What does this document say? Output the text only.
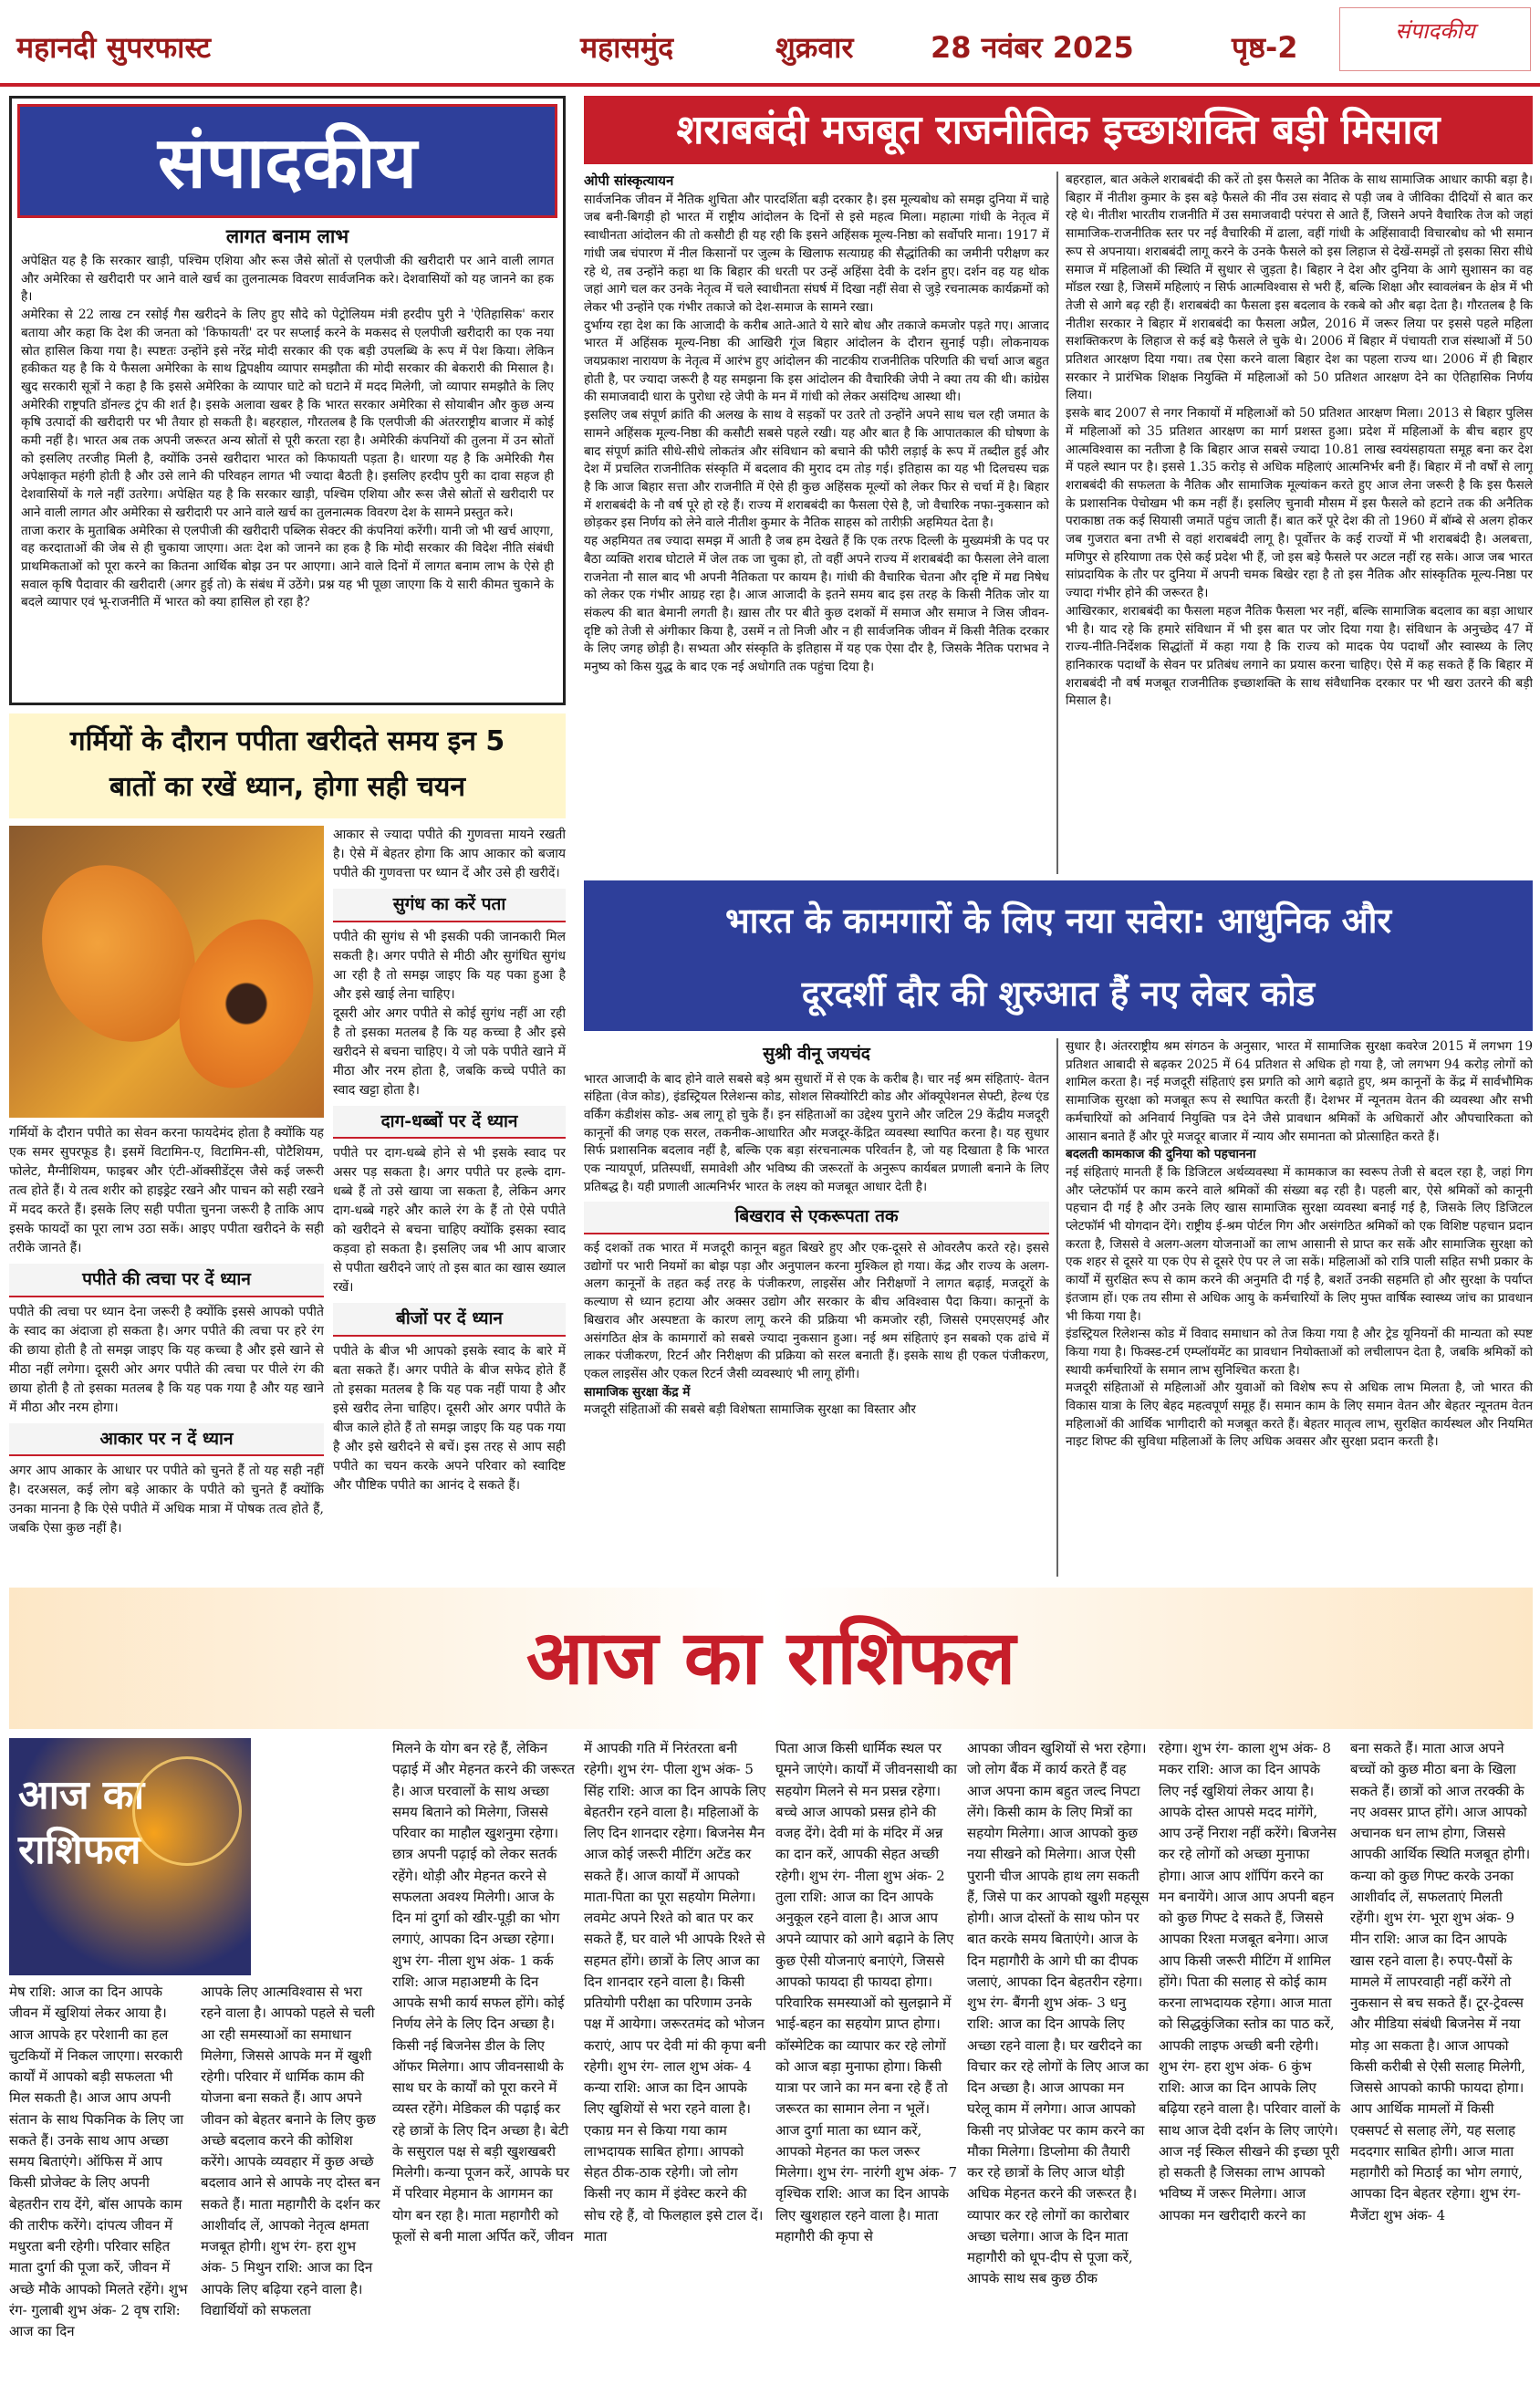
महानदी सुपरफास्ट	महासमुंद	शुक्रवार	28 नवंबर 2025	पृष्ठ-2	संपादकीय
संपादकीय
लागत बनाम लाभ

अपेक्षित यह है कि सरकार खाड़ी, पश्चिम एशिया और रूस जैसे स्रोतों से एलपीजी की खरीदारी पर आने वाली लागत और अमेरिका से खरीदारी पर आने वाले खर्च का तुलनात्मक विवरण सार्वजनिक करे। देशवासियों को यह जानने का हक है।

अमेरिका से 22 लाख टन रसोई गैस खरीदने के लिए हुए सौदे को पेट्रोलियम मंत्री हरदीप पुरी ने 'ऐतिहासिक' करार बताया और कहा कि देश की जनता को 'किफायती' दर पर सप्लाई करने के मकसद से एलपीजी खरीदारी का एक नया स्रोत हासिल किया गया है। स्पष्टतः उन्होंने इसे नरेंद्र मोदी सरकार की एक बड़ी उपलब्धि के रूप में पेश किया। लेकिन हकीकत यह है कि ये फैसला अमेरिका के साथ द्विपक्षीय व्यापार समझौता की मोदी सरकार की बेकरारी की मिसाल है। खुद सरकारी सूत्रों ने कहा है कि इससे अमेरिका के व्यापार घाटे को घटाने में मदद मिलेगी, जो व्यापार समझौते के लिए अमेरिकी राष्ट्रपति डॉनल्ड ट्रंप की शर्त है। इसके अलावा खबर है कि भारत सरकार अमेरिका से सोयाबीन और कुछ अन्य कृषि उत्पादों की खरीदारी पर भी तैयार हो सकती है। बहरहाल, गौरतलब है कि एलपीजी की अंतरराष्ट्रीय बाजार में कोई कमी नहीं है। भारत अब तक अपनी जरूरत अन्य स्रोतों से पूरी करता रहा है। अमेरिकी कंपनियों की तुलना में उन स्रोतों को इसलिए तरजीह मिली है, क्योंकि उनसे खरीदारा भारत को किफायती पड़ता है। धारणा यह है कि अमेरिकी गैस अपेक्षाकृत महंगी होती है और उसे लाने की परिवहन लागत भी ज्यादा बैठती है। इसलिए हरदीप पुरी का दावा सहज ही देशवासियों के गले नहीं उतरेगा। अपेक्षित यह है कि सरकार खाड़ी, पश्चिम एशिया और रूस जैसे स्रोतों से खरीदारी पर आने वाली लागत और अमेरिका से खरीदारी पर आने वाले खर्च का तुलनात्मक विवरण देश के सामने प्रस्तुत करे।

ताजा करार के मुताबिक अमेरिका से एलपीजी की खरीदारी पब्लिक सेक्टर की कंपनियां करेंगी। यानी जो भी खर्च आएगा, वह करदाताओं की जेब से ही चुकाया जाएगा। अतः देश को जानने का हक है कि मोदी सरकार की विदेश नीति संबंधी प्राथमिकताओं को पूरा करने का कितना आर्थिक बोझ उन पर आएगा। आने वाले दिनों में लागत बनाम लाभ के ऐसे ही सवाल कृषि पैदावार की खरीदारी (अगर हुई तो) के संबंध में उठेंगे। प्रश्न यह भी पूछा जाएगा कि ये सारी कीमत चुकाने के बदले व्यापार एवं भू-राजनीति में भारत को क्या हासिल हो रहा है?

शराबबंदी मजबूत राजनीतिक इच्छाशक्ति बड़ी मिसाल
ओपी सांस्कृत्यायन

सार्वजनिक जीवन में नैतिक शुचिता और पारदर्शिता बड़ी दरकार है। इस मूल्यबोध को समझ दुनिया में चाहे जब बनी-बिगड़ी हो भारत में राष्ट्रीय आंदोलन के दिनों से इसे महत्व मिला। महात्मा गांधी के नेतृत्व में स्वाधीनता आंदोलन की तो कसौटी ही यह रही कि इसने अहिंसक मूल्य-निष्ठा को सर्वोपरि माना। 1917 में गांधी जब चंपारण में नील किसानों पर जुल्म के खिलाफ सत्याग्रह की सैद्धांतिकी का जमीनी परीक्षण कर रहे थे, तब उन्होंने कहा था कि बिहार की धरती पर उन्हें अहिंसा देवी के दर्शन हुए। दर्शन वह यह थोक जहां आगे चल कर उनके नेतृत्व में चले स्वाधीनता संघर्ष में दिखा नहीं सेवा से जुड़े रचनात्मक कार्यक्रमों को लेकर भी उन्होंने एक गंभीर तकाजे को देश-समाज के सामने रखा।

दुर्भाग्य रहा देश का कि आजादी के करीब आते-आते ये सारे बोध और तकाजे कमजोर पड़ते गए। आजाद भारत में अहिंसक मूल्य-निष्ठा की आखिरी गूंज बिहार आंदोलन के दौरान सुनाई पड़ी। लोकनायक जयप्रकाश नारायण के नेतृत्व में आरंभ हुए आंदोलन की नाटकीय राजनीतिक परिणति की चर्चा आज बहुत होती है, पर ज्यादा जरूरी है यह समझना कि इस आंदोलन की वैचारिकी जेपी ने क्या तय की थी। कांग्रेस की समाजवादी धारा के पुरोधा रहे जेपी के मन में गांधी को लेकर असंदिग्ध आस्था थी।

इसलिए जब संपूर्ण क्रांति की अलख के साथ वे सड़कों पर उतरे तो उन्होंने अपने साथ चल रही जमात के सामने अहिंसक मूल्य-निष्ठा की कसौटी सबसे पहले रखी। यह और बात है कि आपातकाल की घोषणा के बाद संपूर्ण क्रांति सीधे-सीधे लोकतंत्र और संविधान को बचाने की फौरी लड़ाई के रूप में तब्दील हुई और देश में प्रचलित राजनीतिक संस्कृति में बदलाव की मुराद दम तोड़ गई। इतिहास का यह भी दिलचस्प चक्र है कि आज बिहार सत्ता और राजनीति में ऐसे ही कुछ अहिंसक मूल्यों को लेकर फिर से चर्चा में है। बिहार में शराबबंदी के नौ वर्ष पूरे हो रहे हैं। राज्य में शराबबंदी का फैसला ऐसे है, जो वैचारिक नफा-नुकसान को छोड़कर इस निर्णय को लेने वाले नीतीश कुमार के नैतिक साहस को तारीफ़ी अहमियत देता है।

यह अहमियत तब ज्यादा समझ में आती है जब हम देखते हैं कि एक तरफ दिल्ली के मुख्यमंत्री के पद पर बैठा व्यक्ति शराब घोटाले में जेल तक जा चुका हो, तो वहीं अपने राज्य में शराबबंदी का फैसला लेने वाला राजनेता नौ साल बाद भी अपनी नैतिकता पर कायम है। गांधी की वैचारिक चेतना और दृष्टि में मद्य निषेध को लेकर एक गंभीर आग्रह रहा है। आज आजादी के इतने समय बाद इस तरह के किसी नैतिक जोर या संकल्प की बात बेमानी लगती है। ख़ास तौर पर बीते कुछ दशकों में समाज और समाज ने जिस जीवन-दृष्टि को तेजी से अंगीकार किया है, उसमें न तो निजी और न ही सार्वजनिक जीवन में किसी नैतिक दरकार के लिए जगह छोड़ी है। सभ्यता और संस्कृति के इतिहास में यह एक ऐसा दौर है, जिसके नैतिक पराभव ने मनुष्य को किस युद्ध के बाद एक नई अधोगति तक पहुंचा दिया है।

बहरहाल, बात अकेले शराबबंदी की करें तो इस फैसले का नैतिक के साथ सामाजिक आधार काफी बड़ा है। बिहार में नीतीश कुमार के इस बड़े फैसले की नींव उस संवाद से पड़ी जब वे जीविका दीदियों से बात कर रहे थे। नीतीश भारतीय राजनीति में उस समाजवादी परंपरा से आते हैं, जिसने अपने वैचारिक तेज को जहां सामाजिक-राजनीतिक स्तर पर नई वैचारिकी में ढाला, वहीं गांधी के अहिंसावादी विचारबोध को भी समान रूप से अपनाया। शराबबंदी लागू करने के उनके फैसले को इस लिहाज से देखें-समझें तो इसका सिरा सीधे समाज में महिलाओं की स्थिति में सुधार से जुड़ता है। बिहार ने देश और दुनिया के आगे सुशासन का वह मॉडल रखा है, जिसमें महिलाएं न सिर्फ आत्मविश्वास से भरी हैं, बल्कि शिक्षा और स्वावलंबन के क्षेत्र में भी तेजी से आगे बढ़ रही हैं। शराबबंदी का फैसला इस बदलाव के रकबे को और बढ़ा देता है। गौरतलब है कि नीतीश सरकार ने बिहार में शराबबंदी का फैसला अप्रैल, 2016 में जरूर लिया पर इससे पहले महिला सशक्तिकरण के लिहाज से कई बड़े फैसले ले चुके थे। 2006 में बिहार में पंचायती राज संस्थाओं में 50 प्रतिशत आरक्षण दिया गया। तब ऐसा करने वाला बिहार देश का पहला राज्य था। 2006 में ही बिहार सरकार ने प्रारंभिक शिक्षक नियुक्ति में महिलाओं को 50 प्रतिशत आरक्षण देने का ऐतिहासिक निर्णय लिया।

इसके बाद 2007 से नगर निकायों में महिलाओं को 50 प्रतिशत आरक्षण मिला। 2013 से बिहार पुलिस में महिलाओं को 35 प्रतिशत आरक्षण का मार्ग प्रशस्त हुआ। प्रदेश में महिलाओं के बीच बहार हुए आत्मविश्वास का नतीजा है कि बिहार आज सबसे ज्यादा 10.81 लाख स्वयंसहायता समूह बना कर देश में पहले स्थान पर है। इससे 1.35 करोड़ से अधिक महिलाएं आत्मनिर्भर बनी हैं। बिहार में नौ वर्षों से लागू शराबबंदी की सफलता के नैतिक और सामाजिक मूल्यांकन करते हुए आज लेना जरूरी है कि इस फैसले के प्रशासनिक पेचोखम भी कम नहीं हैं। इसलिए चुनावी मौसम में इस फैसले को हटाने तक की अनैतिक पराकाष्ठा तक कई सियासी जमातें पहुंच जाती हैं। बात करें पूरे देश की तो 1960 में बॉम्बे से अलग होकर जब गुजरात बना तभी से वहां शराबबंदी लागू है। पूर्वोत्तर के कई राज्यों में भी शराबबंदी है। अलबत्ता, मणिपुर से हरियाणा तक ऐसे कई प्रदेश भी हैं, जो इस बड़े फैसले पर अटल नहीं रह सके। आज जब भारत सांप्रदायिक के तौर पर दुनिया में अपनी चमक बिखेर रहा है तो इस नैतिक और सांस्कृतिक मूल्य-निष्ठा पर ज्यादा गंभीर होने की जरूरत है।

आखिरकार, शराबबंदी का फैसला महज नैतिक फैसला भर नहीं, बल्कि सामाजिक बदलाव का बड़ा आधार भी है। याद रहे कि हमारे संविधान में भी इस बात पर जोर दिया गया है। संविधान के अनुच्छेद 47 में राज्य-नीति-निर्देशक सिद्धांतों में कहा गया है कि राज्य को मादक पेय पदार्थों और स्वास्थ्य के लिए हानिकारक पदार्थों के सेवन पर प्रतिबंध लगाने का प्रयास करना चाहिए। ऐसे में कह सकते हैं कि बिहार में शराबबंदी नौ वर्ष मजबूत राजनीतिक इच्छाशक्ति के साथ संवैधानिक दरकार पर भी खरा उतरने की बड़ी मिसाल है।

गर्मियों के दौरान पपीता खरीदते समय इन 5
बातों का रखें ध्यान, होगा सही चयन

आकार से ज्यादा पपीते की गुणवत्ता मायने रखती है। ऐसे में बेहतर होगा कि आप आकार को बजाय पपीते की गुणवत्ता पर ध्यान दें और उसे ही खरीदें।

सुगंध का करें पता

पपीते की सुगंध से भी इसकी पकी जानकारी मिल सकती है। अगर पपीते से मीठी और सुगंधित सुगंध आ रही है तो समझ जाइए कि यह पका हुआ है और इसे खाई लेना चाहिए।

दूसरी ओर अगर पपीते से कोई सुगंध नहीं आ रही है तो इसका मतलब है कि यह कच्चा है और इसे खरीदने से बचना चाहिए। ये जो पके पपीते खाने में मीठा और नरम होता है, जबकि कच्चे पपीते का स्वाद खट्टा होता है।

दाग-धब्बों पर दें ध्यान

पपीते पर दाग-धब्बे होने से भी इसके स्वाद पर असर पड़ सकता है। अगर पपीते पर हल्के दाग-धब्बे हैं तो उसे खाया जा सकता है, लेकिन अगर दाग-धब्बे गहरे और काले रंग के हैं तो ऐसे पपीते को खरीदने से बचना चाहिए क्योंकि इसका स्वाद कड़वा हो सकता है। इसलिए जब भी आप बाजार से पपीता खरीदने जाएं तो इस बात का खास ख्याल रखें।

बीजों पर दें ध्यान

पपीते के बीज भी आपको इसके स्वाद के बारे में बता सकते हैं। अगर पपीते के बीज सफेद होते हैं तो इसका मतलब है कि यह पक नहीं पाया है और इसे खरीद लेना चाहिए। दूसरी ओर अगर पपीते के बीज काले होते हैं तो समझ जाइए कि यह पक गया है और इसे खरीदने से बचें। इस तरह से आप सही पपीते का चयन करके अपने परिवार को स्वादिष्ट और पौष्टिक पपीते का आनंद दे सकते हैं।

गर्मियों के दौरान पपीते का सेवन करना फायदेमंद होता है क्योंकि यह एक समर सुपरफूड है। इसमें विटामिन-ए, विटामिन-सी, पोटैशियम, फोलेट, मैग्नीशियम, फाइबर और एंटी-ऑक्सीडेंट्स जैसे कई जरूरी तत्व होते हैं। ये तत्व शरीर को हाइड्रेट रखने और पाचन को सही रखने में मदद करते हैं। इसके लिए सही पपीता चुनना जरूरी है ताकि आप इसके फायदों का पूरा लाभ उठा सकें। आइए पपीता खरीदने के सही तरीके जानते हैं।

पपीते की त्वचा पर दें ध्यान

पपीते की त्वचा पर ध्यान देना जरूरी है क्योंकि इससे आपको पपीते के स्वाद का अंदाजा हो सकता है। अगर पपीते की त्वचा पर हरे रंग की छाया होती है तो समझ जाइए कि यह कच्चा है और इसे खाने से मीठा नहीं लगेगा। दूसरी ओर अगर पपीते की त्वचा पर पीले रंग की छाया होती है तो इसका मतलब है कि यह पक गया है और यह खाने में मीठा और नरम होगा।

आकार पर न दें ध्यान

अगर आप आकार के आधार पर पपीते को चुनते हैं तो यह सही नहीं है। दरअसल, कई लोग बड़े आकार के पपीते को चुनते हैं क्योंकि उनका मानना है कि ऐसे पपीते में अधिक मात्रा में पोषक तत्व होते हैं, जबकि ऐसा कुछ नहीं है।

भारत के कामगारों के लिए नया सवेरा: आधुनिक और
दूरदर्शी दौर की शुरुआत हैं नए लेबर कोड
सुश्री वीनू जयचंद

भारत आजादी के बाद होने वाले सबसे बड़े श्रम सुधारों में से एक के करीब है। चार नई श्रम संहिताएं- वेतन संहिता (वेज कोड), इंडस्ट्रियल रिलेशन्स कोड, सोशल सिक्योरिटी कोड और ऑक्यूपेशनल सेफ्टी, हेल्थ एंड वर्किंग कंडीशंस कोड- अब लागू हो चुके हैं। इन संहिताओं का उद्देश्य पुराने और जटिल 29 केंद्रीय मजदूरी कानूनों की जगह एक सरल, तकनीक-आधारित और मजदूर-केंद्रित व्यवस्था स्थापित करना है। यह सुधार सिर्फ प्रशासनिक बदलाव नहीं है, बल्कि एक बड़ा संरचनात्मक परिवर्तन है, जो यह दिखाता है कि भारत एक न्यायपूर्ण, प्रतिस्पर्धी, समावेशी और भविष्य की जरूरतों के अनुरूप कार्यबल प्रणाली बनाने के लिए प्रतिबद्ध है। यही प्रणाली आत्मनिर्भर भारत के लक्ष्य को मजबूत आधार देती है।

बिखराव से एकरूपता तक

कई दशकों तक भारत में मजदूरी कानून बहुत बिखरे हुए और एक-दूसरे से ओवरलैप करते रहे। इससे उद्योगों पर भारी नियमों का बोझ पड़ा और अनुपालन करना मुश्किल हो गया। केंद्र और राज्य के अलग-अलग कानूनों के तहत कई तरह के पंजीकरण, लाइसेंस और निरीक्षणों ने लागत बढ़ाई, मजदूरों के कल्याण से ध्यान हटाया और अक्सर उद्योग और सरकार के बीच अविश्वास पैदा किया। कानूनों के बिखराव और अस्पष्टता के कारण लागू करने की प्रक्रिया भी कमजोर रही, जिससे एमएसएमई और असंगठित क्षेत्र के कामगारों को सबसे ज्यादा नुकसान हुआ। नई श्रम संहिताएं इन सबको एक ढांचे में लाकर पंजीकरण, रिटर्न और निरीक्षण की प्रक्रिया को सरल बनाती हैं। इसके साथ ही एकल पंजीकरण, एकल लाइसेंस और एकल रिटर्न जैसी व्यवस्थाएं भी लागू होंगी।

सामाजिक सुरक्षा केंद्र में

मजदूरी संहिताओं की सबसे बड़ी विशेषता सामाजिक सुरक्षा का विस्तार और

सुधार है। अंतरराष्ट्रीय श्रम संगठन के अनुसार, भारत में सामाजिक सुरक्षा कवरेज 2015 में लगभग 19 प्रतिशत आबादी से बढ़कर 2025 में 64 प्रतिशत से अधिक हो गया है, जो लगभग 94 करोड़ लोगों को शामिल करता है। नई मजदूरी संहिताएं इस प्रगति को आगे बढ़ाते हुए, श्रम कानूनों के केंद्र में सार्वभौमिक सामाजिक सुरक्षा को मजबूत रूप से स्थापित करती हैं। देशभर में न्यूनतम वेतन की व्यवस्था और सभी कर्मचारियों को अनिवार्य नियुक्ति पत्र देने जैसे प्रावधान श्रमिकों के अधिकारों और औपचारिकता को आसान बनाते हैं और पूरे मजदूर बाजार में न्याय और समानता को प्रोत्साहित करते हैं।

बदलती कामकाज की दुनिया को पहचानना

नई संहिताएं मानती हैं कि डिजिटल अर्थव्यवस्था में कामकाज का स्वरूप तेजी से बदल रहा है, जहां गिग और प्लेटफॉर्म पर काम करने वाले श्रमिकों की संख्या बढ़ रही है। पहली बार, ऐसे श्रमिकों को कानूनी पहचान दी गई है और उनके लिए खास सामाजिक सुरक्षा व्यवस्था बनाई गई है, जिसके लिए डिजिटल प्लेटफॉर्म भी योगदान देंगे। राष्ट्रीय ई-श्रम पोर्टल गिग और असंगठित श्रमिकों को एक विशिष्ट पहचान प्रदान करता है, जिससे वे अलग-अलग योजनाओं का लाभ आसानी से प्राप्त कर सकें और सामाजिक सुरक्षा को एक शहर से दूसरे या एक ऐप से दूसरे ऐप पर ले जा सकें। महिलाओं को रात्रि पाली सहित सभी प्रकार के कार्यों में सुरक्षित रूप से काम करने की अनुमति दी गई है, बशर्ते उनकी सहमति हो और सुरक्षा के पर्याप्त इंतजाम हों। एक तय सीमा से अधिक आयु के कर्मचारियों के लिए मुफ्त वार्षिक स्वास्थ्य जांच का प्रावधान भी किया गया है।

इंडस्ट्रियल रिलेशन्स कोड में विवाद समाधान को तेज किया गया है और ट्रेड यूनियनों की मान्यता को स्पष्ट किया गया है। फिक्स्ड-टर्म एम्प्लॉयमेंट का प्रावधान नियोक्ताओं को लचीलापन देता है, जबकि श्रमिकों को स्थायी कर्मचारियों के समान लाभ सुनिश्चित करता है।

मजदूरी संहिताओं से महिलाओं और युवाओं को विशेष रूप से अधिक लाभ मिलता है, जो भारत की विकास यात्रा के लिए बेहद महत्वपूर्ण समूह हैं। समान काम के लिए समान वेतन और बेहतर न्यूनतम वेतन महिलाओं की आर्थिक भागीदारी को मजबूत करते हैं। बेहतर मातृत्व लाभ, सुरक्षित कार्यस्थल और नियमित नाइट शिफ्ट की सुविधा महिलाओं के लिए अधिक अवसर और सुरक्षा प्रदान करती है।

आज का राशिफल
आज का
राशिफल
मेष राशि: आज का दिन आपके जीवन में खुशियां लेकर आया है। आज आपके हर परेशानी का हल चुटकियों में निकल जाएगा। सरकारी कार्यों में आपको बड़ी सफलता भी मिल सकती है। आज आप अपनी संतान के साथ पिकनिक के लिए जा सकते हैं। उनके साथ आप अच्छा समय बिताएंगे। ऑफिस में आप किसी प्रोजेक्ट के लिए अपनी बेहतरीन राय देंगे, बॉस आपके काम की तारीफ करेंगे। दांपत्य जीवन में मधुरता बनी रहेगी। परिवार सहित माता दुर्गा की पूजा करें, जीवन में अच्छे मौके आपको मिलते रहेंगे। शुभ रंग- गुलाबी शुभ अंक- 2 वृष राशि: आज का दिन
आपके लिए आत्मविश्वास से भरा रहने वाला है। आपको पहले से चली आ रही समस्याओं का समाधान मिलेगा, जिससे आपके मन में खुशी रहेगी। परिवार में धार्मिक काम की योजना बना सकते हैं। आप अपने जीवन को बेहतर बनाने के लिए कुछ अच्छे बदलाव करने की कोशिश करेंगे। आपके व्यवहार में कुछ अच्छे बदलाव आने से आपके नए दोस्त बन सकते हैं। माता महागौरी के दर्शन कर आशीर्वाद लें, आपको नेतृत्व क्षमता मजबूत होगी। शुभ रंग- हरा शुभ अंक- 5 मिथुन राशि: आज का दिन आपके लिए बढ़िया रहने वाला है। विद्यार्थियों को सफलता
मिलने के योग बन रहे हैं, लेकिन पढ़ाई में और मेहनत करने की जरूरत है। आज घरवालों के साथ अच्छा समय बिताने को मिलेगा, जिससे परिवार का माहौल खुशनुमा रहेगा। छात्र अपनी पढ़ाई को लेकर सतर्क रहेंगे। थोड़ी और मेहनत करने से सफलता अवश्य मिलेगी। आज के दिन मां दुर्गा को खीर-पूड़ी का भोग लगाएं, आपका दिन अच्छा रहेगा। शुभ रंग- नीला शुभ अंक- 1 कर्क राशि: आज महाअष्टमी के दिन आपके सभी कार्य सफल होंगे। कोई निर्णय लेने के लिए दिन अच्छा है। किसी नई बिजनेस डील के लिए ऑफर मिलेगा। आप जीवनसाथी के साथ घर के कार्यों को पूरा करने में व्यस्त रहेंगे। मेडिकल की पढ़ाई कर रहे छात्रों के लिए दिन अच्छा है। बेटी के ससुराल पक्ष से बड़ी खुशखबरी मिलेगी। कन्या पूजन करें, आपके घर में परिवार मेहमान के आगमन का योग बन रहा है। माता महागौरी को फूलों से बनी माला अर्पित करें, जीवन
में आपकी गति में निरंतरता बनी रहेगी। शुभ रंग- पीला शुभ अंक- 5 सिंह राशि: आज का दिन आपके लिए बेहतरीन रहने वाला है। महिलाओं के लिए दिन शानदार रहेगा। बिजनेस मैन आज कोई जरूरी मीटिंग अटेंड कर सकते हैं। आज कार्यों में आपको माता-पिता का पूरा सहयोग मिलेगा। लवमेट अपने रिश्ते को बात पर कर सकते हैं, घर वाले भी आपके रिश्ते से सहमत होंगे। छात्रों के लिए आज का दिन शानदार रहने वाला है। किसी प्रतियोगी परीक्षा का परिणाम उनके पक्ष में आयेगा। जरूरतमंद को भोजन कराएं, आप पर देवी मां की कृपा बनी रहेगी। शुभ रंग- लाल शुभ अंक- 4 कन्या राशि: आज का दिन आपके लिए खुशियों से भरा रहने वाला है। एकाग्र मन से किया गया काम लाभदायक साबित होगा। आपको सेहत ठीक-ठाक रहेगी। जो लोग किसी नए काम में इंवेस्ट करने की सोच रहे हैं, वो फिलहाल इसे टाल दें। माता
पिता आज किसी धार्मिक स्थल पर घूमने जाएंगे। कार्यों में जीवनसाथी का सहयोग मिलने से मन प्रसन्न रहेगा। बच्चे आज आपको प्रसन्न होने की वजह देंगे। देवी मां के मंदिर में अन्न का दान करें, आपकी सेहत अच्छी रहेगी। शुभ रंग- नीला शुभ अंक- 2 तुला राशि: आज का दिन आपके अनुकूल रहने वाला है। आज आप अपने व्यापार को आगे बढ़ाने के लिए कुछ ऐसी योजनाएं बनाएंगे, जिससे आपको फायदा ही फायदा होगा। परिवारिक समस्याओं को सुलझाने में भाई-बहन का सहयोग प्राप्त होगा। कॉस्मेटिक का व्यापार कर रहे लोगों को आज बड़ा मुनाफा होगा। किसी यात्रा पर जाने का मन बना रहे हैं तो जरूरत का सामान लेना न भूलें। आज दुर्गा माता का ध्यान करें, आपको मेहनत का फल जरूर मिलेगा। शुभ रंग- नारंगी शुभ अंक- 7 वृश्चिक राशि: आज का दिन आपके लिए खुशहाल रहने वाला है। माता महागौरी की कृपा से
आपका जीवन खुशियों से भरा रहेगा। जो लोग बैंक में कार्य करते हैं वह आज अपना काम बहुत जल्द निपटा लेंगे। किसी काम के लिए मित्रों का सहयोग मिलेगा। आज आपको कुछ नया सीखने को मिलेगा। आज ऐसी पुरानी चीज आपके हाथ लग सकती हैं, जिसे पा कर आपको खुशी महसूस होगी। आज दोस्तों के साथ फोन पर बात करके समय बिताएंगे। आज के दिन महागौरी के आगे घी का दीपक जलाएं, आपका दिन बेहतरीन रहेगा। शुभ रंग- बैंगनी शुभ अंक- 3 धनु राशि: आज का दिन आपके लिए अच्छा रहने वाला है। घर खरीदने का विचार कर रहे लोगों के लिए आज का दिन अच्छा है। आज आपका मन घरेलू काम में लगेगा। आज आपको किसी नए प्रोजेक्ट पर काम करने का मौका मिलेगा। डिप्लोमा की तैयारी कर रहे छात्रों के लिए आज थोड़ी अधिक मेहनत करने की जरूरत है। व्यापार कर रहे लोगों का कारोबार अच्छा चलेगा। आज के दिन माता महागौरी को धूप-दीप से पूजा करें, आपके साथ सब कुछ ठीक
रहेगा। शुभ रंग- काला शुभ अंक- 8 मकर राशि: आज का दिन आपके लिए नई खुशियां लेकर आया है। आपके दोस्त आपसे मदद मांगेंगे, आप उन्हें निराश नहीं करेंगे। बिजनेस कर रहे लोगों को अच्छा मुनाफा होगा। आज आप शॉपिंग करने का मन बनायेंगे। आज आप अपनी बहन को कुछ गिफ्ट दे सकते हैं, जिससे आपका रिश्ता मजबूत बनेगा। आज आप किसी जरूरी मीटिंग में शामिल होंगे। पिता की सलाह से कोई काम करना लाभदायक रहेगा। आज माता को सिद्धकुंजिका स्तोत्र का पाठ करें, आपकी लाइफ अच्छी बनी रहेगी। शुभ रंग- हरा शुभ अंक- 6 कुंभ राशि: आज का दिन आपके लिए बढ़िया रहने वाला है। परिवार वालों के साथ आज देवी दर्शन के लिए जाएंगे। आज नई स्किल सीखने की इच्छा पूरी हो सकती है जिसका लाभ आपको भविष्य में जरूर मिलेगा। आज आपका मन खरीदारी करने का
बना सकते हैं। माता आज अपने बच्चों को कुछ मीठा बना के खिला सकते हैं। छात्रों को आज तरक्की के नए अवसर प्राप्त होंगे। आज आपको अचानक धन लाभ होगा, जिससे आपकी आर्थिक स्थिति मजबूत होगी। कन्या को कुछ गिफ्ट करके उनका आशीर्वाद लें, सफलताएं मिलती रहेंगी। शुभ रंग- भूरा शुभ अंक- 9 मीन राशि: आज का दिन आपके खास रहने वाला है। रुपए-पैसों के मामले में लापरवाही नहीं करेंगे तो नुकसान से बच सकते हैं। टूर-ट्रेवल्स और मीडिया संबंधी बिजनेस में नया मोड़ आ सकता है। आज आपको किसी करीबी से ऐसी सलाह मिलेगी, जिससे आपको काफी फायदा होगा। आप आर्थिक मामलों में किसी एक्सपर्ट से सलाह लेंगे, यह सलाह मददगार साबित होगी। आज माता महागौरी को मिठाई का भोग लगाएं, आपका दिन बेहतर रहेगा। शुभ रंग- मैजेंटा शुभ अंक- 4
